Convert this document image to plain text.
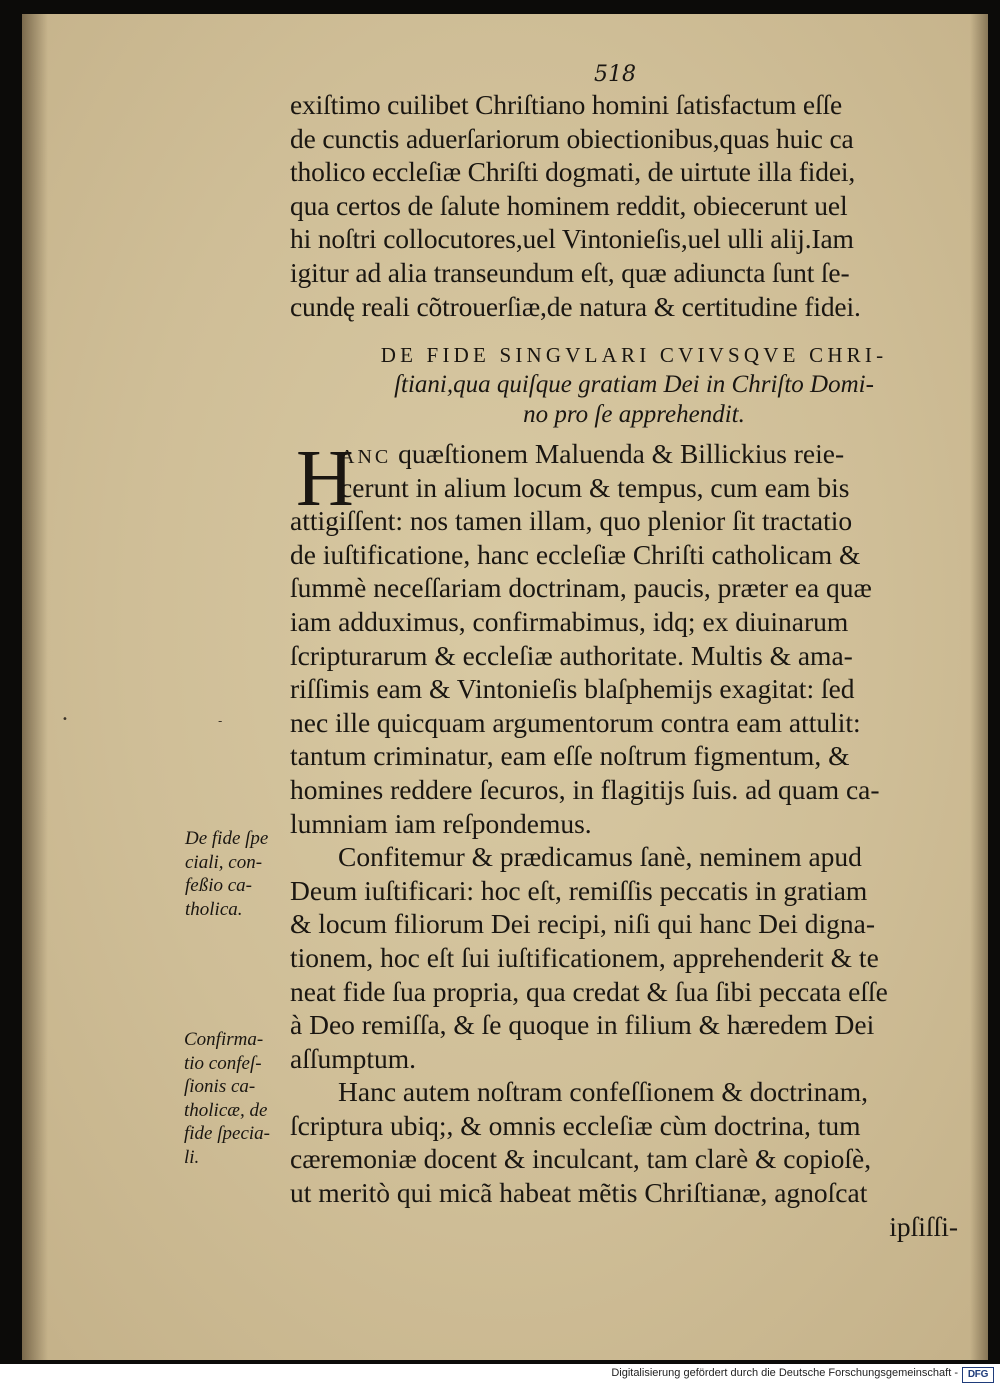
518
exiſtimo cuilibet Chriſtiano homini ſatisfactum eſſe
de cunctis aduerſariorum obiectionibus,quas huic ca
tholico eccleſiæ Chriſti dogmati, de uirtute illa fidei,
qua certos de ſalute hominem reddit, obiecerunt uel
hi noſtri collocutores,uel Vintonieſis,uel ulli alij.Iam
igitur ad alia transeundum eſt, quæ adiuncta ſunt ſe-
cundę reali cõtrouerſiæ,de natura & certitudine fidei.
DE FIDE SINGVLARI CVIVSQVE CHRI-
ſtiani,qua quiſque gratiam Dei in Chriſto Domi-
no pro ſe apprehendit.
H
ANC quæſtionem Maluenda & Billickius reie-
cerunt in alium locum & tempus, cum eam bis
attigiſſent: nos tamen illam, quo plenior ſit tractatio
de iuſtificatione, hanc eccleſiæ Chriſti catholicam &
ſummè neceſſariam doctrinam, paucis, præter ea quæ
iam adduximus, confirmabimus, idq; ex diuinarum
ſcripturarum & eccleſiæ authoritate. Multis & ama-
riſſimis eam & Vintonieſis blaſphemijs exagitat: ſed
nec ille quicquam argumentorum contra eam attulit:
tantum criminatur, eam eſſe noſtrum figmentum, &
homines reddere ſecuros, in flagitijs ſuis. ad quam ca-
lumniam iam reſpondemus.
Confitemur & prædicamus ſanè, neminem apud
Deum iuſtificari: hoc eſt, remiſſis peccatis in gratiam
& locum filiorum Dei recipi, niſi qui hanc Dei digna-
tionem, hoc eſt ſui iuſtificationem, apprehenderit & te
neat fide ſua propria, qua credat & ſua ſibi peccata eſſe
à Deo remiſſa, & ſe quoque in filium & hæredem Dei
aſſumptum.
Hanc autem noſtram confeſſionem & doctrinam,
ſcriptura ubiq;, & omnis eccleſiæ cùm doctrina, tum
cæremoniæ docent & inculcant, tam clarè & copioſè,
ut meritò qui micã habeat mẽtis Chriſtianæ, agnoſcat
ipſiſſi-
De fide ſpe
ciali, con-
feßio ca-
tholica.
Confirma-
tio confeſ-
ſionis ca-
tholicæ, de
fide ſpecia-
li.
•	-
Digitalisierung gefördert durch die Deutsche Forschungsgemeinschaft - DFG
